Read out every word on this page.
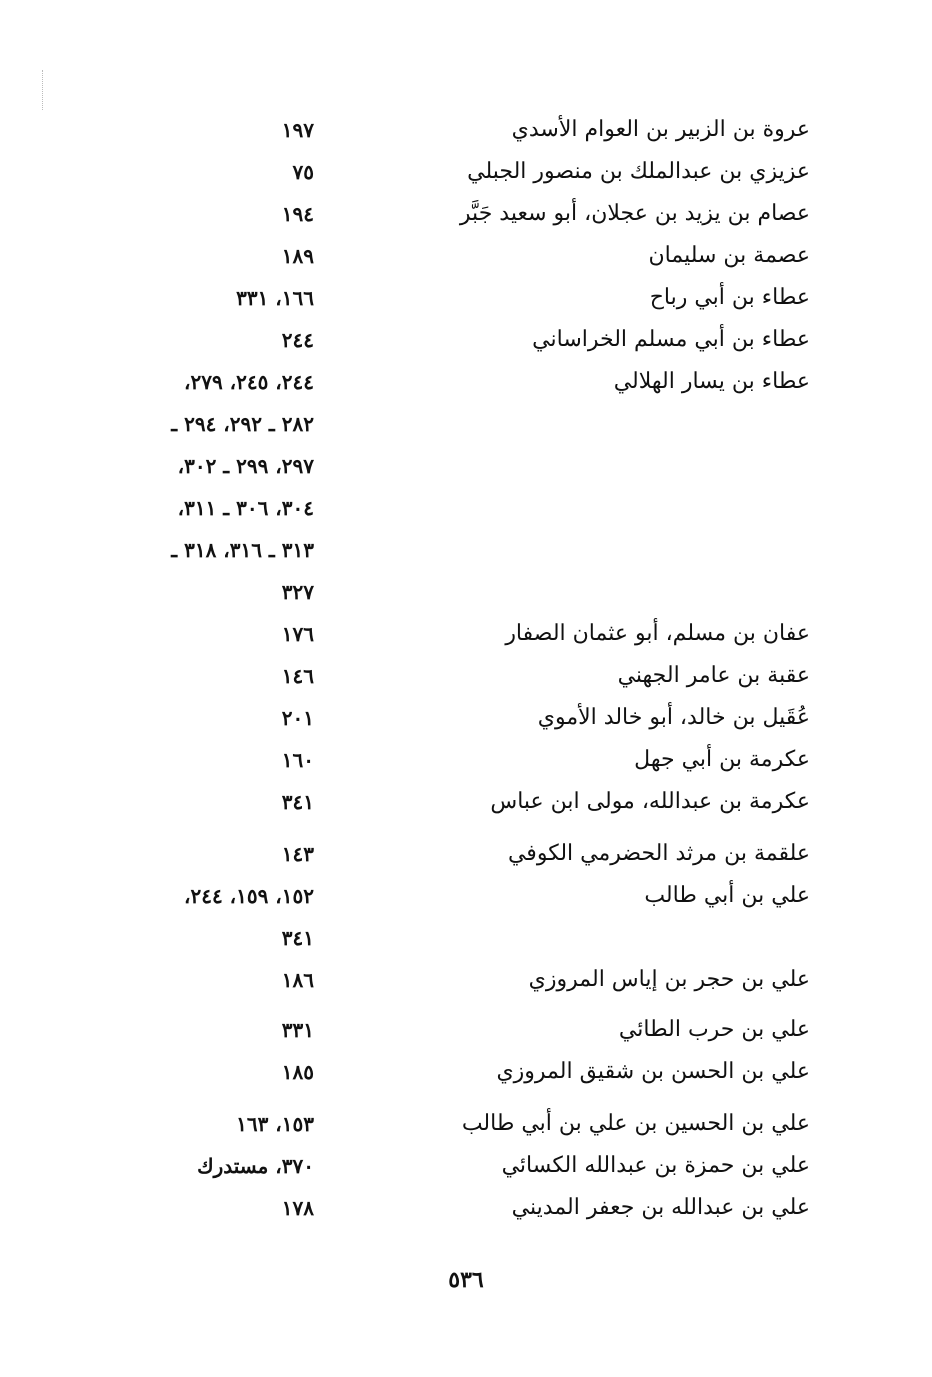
عروة بن الزبير بن العوام الأسدي
١٩٧
عزيزي بن عبدالملك بن منصور الجبلي
٧٥
عصام بن يزيد بن عجلان، أبو سعيد جَبَّر
١٩٤
عصمة بن سليمان
١٨٩
عطاء بن أبي رباح
١٦٦، ٣٣١
عطاء بن أبي مسلم الخراساني
٢٤٤
عطاء بن يسار الهلالي
٢٤٤، ٢٤٥، ٢٧٩،
٢٨٢ ـ ٢٩٢، ٢٩٤ ـ
٢٩٧، ٢٩٩ ـ ٣٠٢،
٣٠٤، ٣٠٦ ـ ٣١١،
٣١٣ ـ ٣١٦، ٣١٨ ـ
٣٢٧
عفان بن مسلم، أبو عثمان الصفار
١٧٦
عقبة بن عامر الجهني
١٤٦
عُقَيل بن خالد، أبو خالد الأموي
٢٠١
عكرمة بن أبي جهل
١٦٠
عكرمة بن عبدالله، مولى ابن عباس
٣٤١
علقمة بن مرثد الحضرمي الكوفي
١٤٣
علي بن أبي طالب
١٥٢، ١٥٩، ٢٤٤،
٣٤١
علي بن حجر بن إياس المروزي
١٨٦
علي بن حرب الطائي
٣٣١
علي بن الحسن بن شقيق المروزي
١٨٥
علي بن الحسين بن علي بن أبي طالب
١٥٣، ١٦٣
علي بن حمزة بن عبدالله الكسائي
٣٧٠، مستدرك
علي بن عبدالله بن جعفر المديني
١٧٨
٥٣٦
